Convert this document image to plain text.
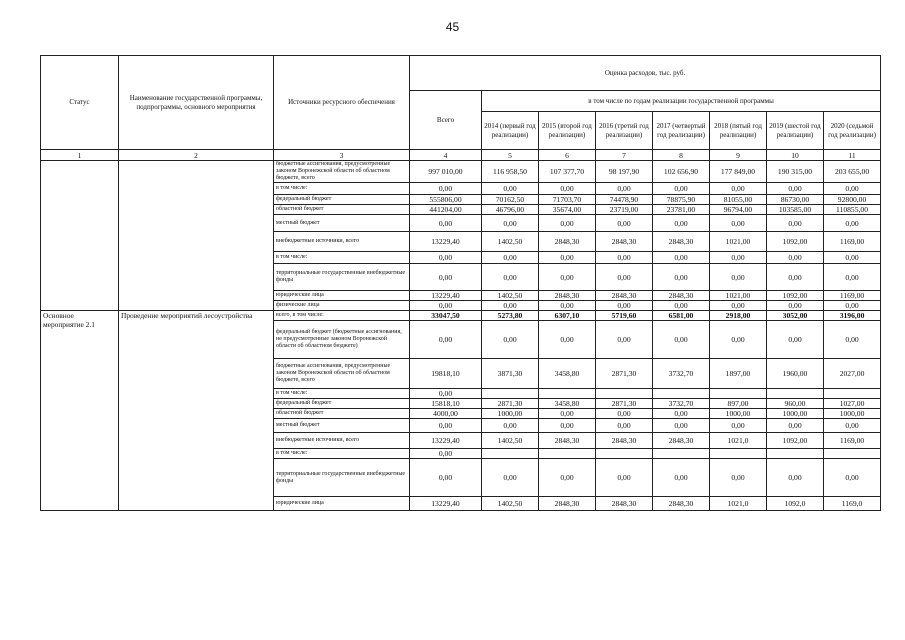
45
Статус	Наименование государственной программы, подпрограммы, основного мероприятия	Источники ресурсного обеспечения	Оценка расходов, тыс. руб.							
			Всего	в том числе по годам реализации государственной программы						
				2014 (первый год реализации)	2015 (второй год реализации)	2016 (третий год реализации)	2017 (четвертый год реализации)	2018 (пятый год реализации)	2019 (шестой год реализации)	2020 (седьмой год реализации)
1	2	3	4	5	6	7	8	9	10	11
		бюджетные ассигнования, предусмотренные законом Воронежской области об областном бюджете, всего	997 010,00	116 958,50	107 377,70	98 197,90	102 656,90	177 849,00	190 315,00	203 655,00
		в том числе:	0,00	0,00	0,00	0,00	0,00	0,00	0,00	0,00
		федеральный бюджет	555806,00	70162,50	71703,70	74478,90	78875,90	81055,00	86730,00	92800,00
		областной бюджет	441204,00	46796,00	35674,00	23719,00	23781,00	96794,00	103585,00	110855,00
		местный бюджет	0,00	0,00	0,00	0,00	0,00	0,00	0,00	0,00
		внебюджетные источники, всего	13229,40	1402,50	2848,30	2848,30	2848,30	1021,00	1092,00	1169,00
		в том числе:	0,00	0,00	0,00	0,00	0,00	0,00	0,00	0,00
		территориальные государственные внебюджетные фонды	0,00	0,00	0,00	0,00	0,00	0,00	0,00	0,00
		юридические лица	13229,40	1402,50	2848,30	2848,30	2848,30	1021,00	1092,00	1169,00
		физические лица	0,00	0,00	0,00	0,00	0,00	0,00	0,00	0,00
Основное мероприятие 2.1	Проведение мероприятий лесоустройства	всего, в том числе:	33047,50	5273,80	6307,10	5719,60	6581,00	2918,00	3052,00	3196,00
		федеральный бюджет (бюджетные ассигнования, не предусмотренные законом Воронежской области об областном бюджете)	0,00	0,00	0,00	0,00	0,00	0,00	0,00	0,00
		бюджетные ассигнования, предусмотренные законом Воронежской области об областном бюджете, всего	19818,10	3871,30	3458,80	2871,30	3732,70	1897,00	1960,00	2027,00
		в том числе:	0,00							
		федеральный бюджет	15818,10	2871,30	3458,80	2871,30	3732,70	897,00	960,00	1027,00
		областной бюджет	4000,00	1000,00	0,00	0,00	0,00	1000,00	1000,00	1000,00
		местный бюджет	0,00	0,00	0,00	0,00	0,00	0,00	0,00	0,00
		внебюджетные источники, всего	13229,40	1402,50	2848,30	2848,30	2848,30	1021,0	1092,00	1169,00
		в том числе:	0,00							
		территориальные государственные внебюджетные фонды	0,00	0,00	0,00	0,00	0,00	0,00	0,00	0,00
		юридические лица	13229,40	1402,50	2848,30	2848,30	2848,30	1021,0	1092,0	1169,0
